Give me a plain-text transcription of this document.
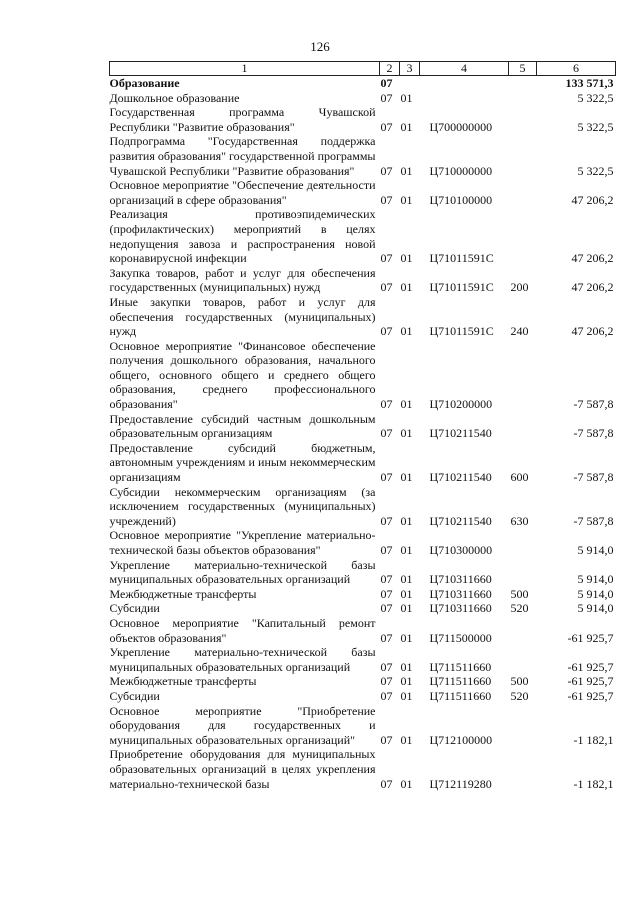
126
1	2	3	4	5	6
Образование	07				133 571,3
Дошкольное образование	07	01			5 322,5
Государственная программа Чувашской Республики "Развитие образования"	07	01	Ц700000000		5 322,5
Подпрограмма "Государственная поддержка развития образования" государственной программы Чувашской Республики "Развитие образования"	07	01	Ц710000000		5 322,5
Основное мероприятие "Обеспечение деятельности организаций в сфере образования"	07	01	Ц710100000		47 206,2
Реализация противоэпидемических (профилактических) мероприятий в целях недопущения завоза и распространения новой коронавирусной инфекции	07	01	Ц71011591С		47 206,2
Закупка товаров, работ и услуг для обеспечения государственных (муниципальных) нужд	07	01	Ц71011591С	200	47 206,2
Иные закупки товаров, работ и услуг для обеспечения государственных (муниципальных) нужд	07	01	Ц71011591С	240	47 206,2
Основное мероприятие "Финансовое обеспечение получения дошкольного образования, начального общего, основного общего и среднего общего образования, среднего профессионального образования"	07	01	Ц710200000		-7 587,8
Предоставление субсидий частным дошкольным образовательным организациям	07	01	Ц710211540		-7 587,8
Предоставление субсидий бюджетным, автономным учреждениям и иным некоммерческим организациям	07	01	Ц710211540	600	-7 587,8
Субсидии некоммерческим организациям (за исключением государственных (муниципальных) учреждений)	07	01	Ц710211540	630	-7 587,8
Основное мероприятие "Укрепление материально-технической базы объектов образования"	07	01	Ц710300000		5 914,0
Укрепление материально-технической базы муниципальных образовательных организаций	07	01	Ц710311660		5 914,0
Межбюджетные трансферты	07	01	Ц710311660	500	5 914,0
Субсидии	07	01	Ц710311660	520	5 914,0
Основное мероприятие "Капитальный ремонт объектов образования"	07	01	Ц711500000		-61 925,7
Укрепление материально-технической базы муниципальных образовательных организаций	07	01	Ц711511660		-61 925,7
Межбюджетные трансферты	07	01	Ц711511660	500	-61 925,7
Субсидии	07	01	Ц711511660	520	-61 925,7
Основное мероприятие "Приобретение оборудования для государственных и муниципальных образовательных организаций"	07	01	Ц712100000		-1 182,1
Приобретение оборудования для муниципальных образовательных организаций в целях укрепления материально-технической базы	07	01	Ц712119280		-1 182,1
